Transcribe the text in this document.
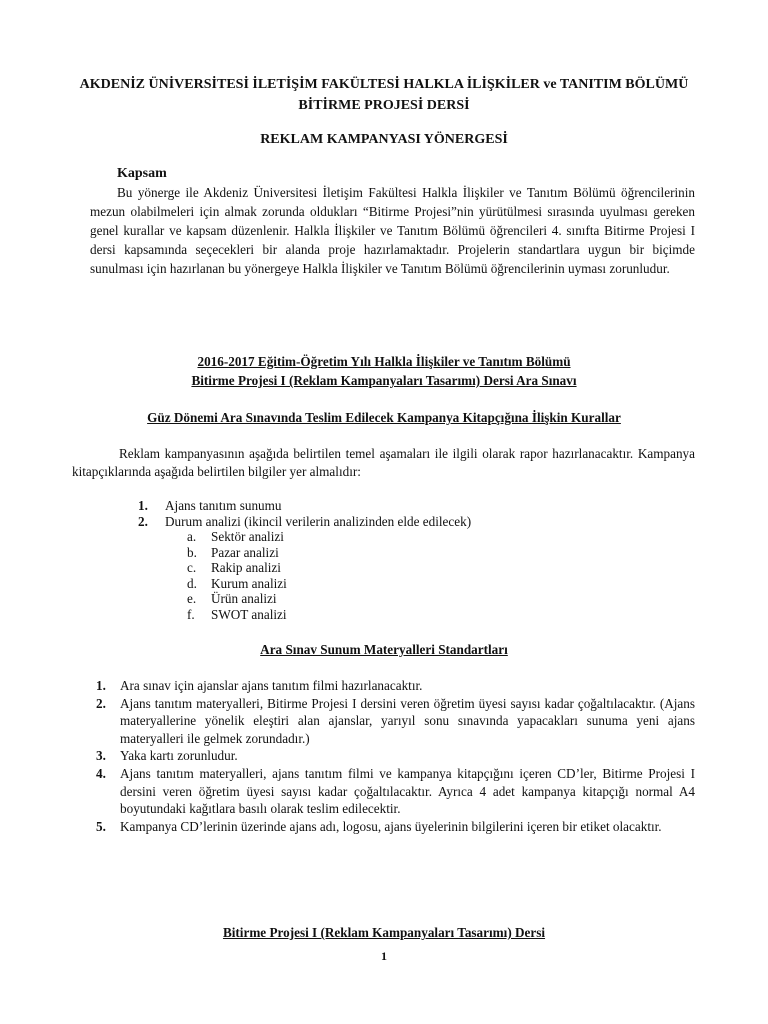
AKDENİZ ÜNİVERSİTESİ İLETİŞİM FAKÜLTESİ HALKLA İLİŞKİLER ve TANITIM BÖLÜMÜ
BİTİRME PROJESİ DERSİ
REKLAM KAMPANYASI YÖNERGESİ
Kapsam
Bu yönerge ile Akdeniz Üniversitesi İletişim Fakültesi Halkla İlişkiler ve Tanıtım Bölümü öğrencilerinin mezun olabilmeleri için almak zorunda oldukları “Bitirme Projesi”nin yürütülmesi sırasında uyulması gereken genel kurallar ve kapsam düzenlenir. Halkla İlişkiler ve Tanıtım Bölümü öğrencileri 4. sınıfta Bitirme Projesi I dersi kapsamında seçecekleri bir alanda proje hazırlamaktadır. Projelerin standartlara uygun bir biçimde sunulması için hazırlanan bu yönergeye Halkla İlişkiler ve Tanıtım Bölümü öğrencilerinin uyması zorunludur.
2016-2017 Eğitim-Öğretim Yılı Halkla İlişkiler ve Tanıtım Bölümü
Bitirme Projesi I (Reklam Kampanyaları Tasarımı) Dersi Ara Sınavı
Güz Dönemi Ara Sınavında Teslim Edilecek Kampanya Kitapçığına İlişkin Kurallar
Reklam kampanyasının aşağıda belirtilen temel aşamaları ile ilgili olarak rapor hazırlanacaktır. Kampanya kitapçıklarında aşağıda belirtilen bilgiler yer almalıdır:
1. Ajans tanıtım sunumu
2. Durum analizi (ikincil verilerin analizinden elde edilecek)
a. Sektör analizi
b. Pazar analizi
c. Rakip analizi
d. Kurum analizi
e. Ürün analizi
f. SWOT analizi
Ara Sınav Sunum Materyalleri Standartları
1. Ara sınav için ajanslar ajans tanıtım filmi hazırlanacaktır.
2. Ajans tanıtım materyalleri, Bitirme Projesi I dersini veren öğretim üyesi sayısı kadar çoğaltılacaktır. (Ajans materyallerine yönelik eleştiri alan ajanslar, yarıyıl sonu sınavında yapacakları sunuma yeni ajans materyalleri ile gelmek zorundadır.)
3. Yaka kartı zorunludur.
4. Ajans tanıtım materyalleri, ajans tanıtım filmi ve kampanya kitapçığını içeren CD’ler, Bitirme Projesi I dersini veren öğretim üyesi sayısı kadar çoğaltılacaktır. Ayrıca 4 adet kampanya kitapçığı normal A4 boyutundaki kağıtlara basılı olarak teslim edilecektir.
5. Kampanya CD’lerinin üzerinde ajans adı, logosu, ajans üyelerinin bilgilerini içeren bir etiket olacaktır.
Bitirme Projesi I (Reklam Kampanyaları Tasarımı) Dersi
1
